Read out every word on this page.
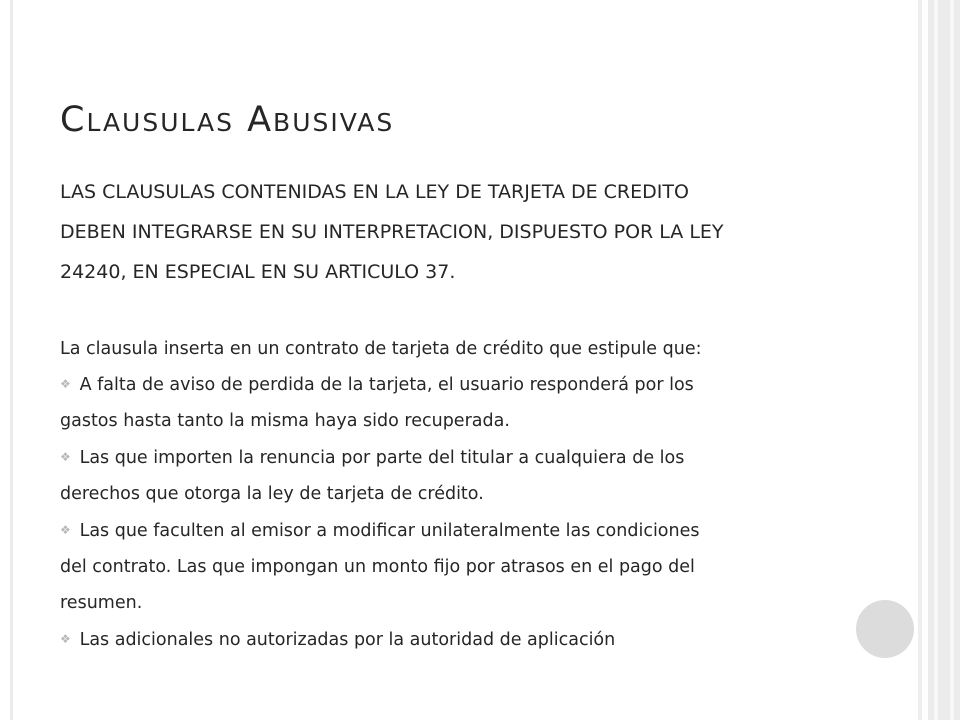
Clausulas Abusivas

LAS CLAUSULAS CONTENIDAS EN LA LEY DE TARJETA DE CREDITO
DEBEN INTEGRARSE EN SU INTERPRETACION, DISPUESTO POR LA LEY
24240, EN ESPECIAL EN SU ARTICULO 37.

La clausula inserta en un contrato de tarjeta de crédito que estipule que:

❖ A falta de aviso de perdida de la tarjeta, el usuario responderá por los
gastos hasta tanto la misma haya sido recuperada.

❖ Las que importen la renuncia por parte del titular a cualquiera de los
derechos que otorga la ley de tarjeta de crédito.

❖ Las que faculten al emisor a modificar unilateralmente las condiciones
del contrato. Las que impongan un monto fijo por atrasos en el pago del
resumen.

❖ Las adicionales no autorizadas por la autoridad de aplicación
